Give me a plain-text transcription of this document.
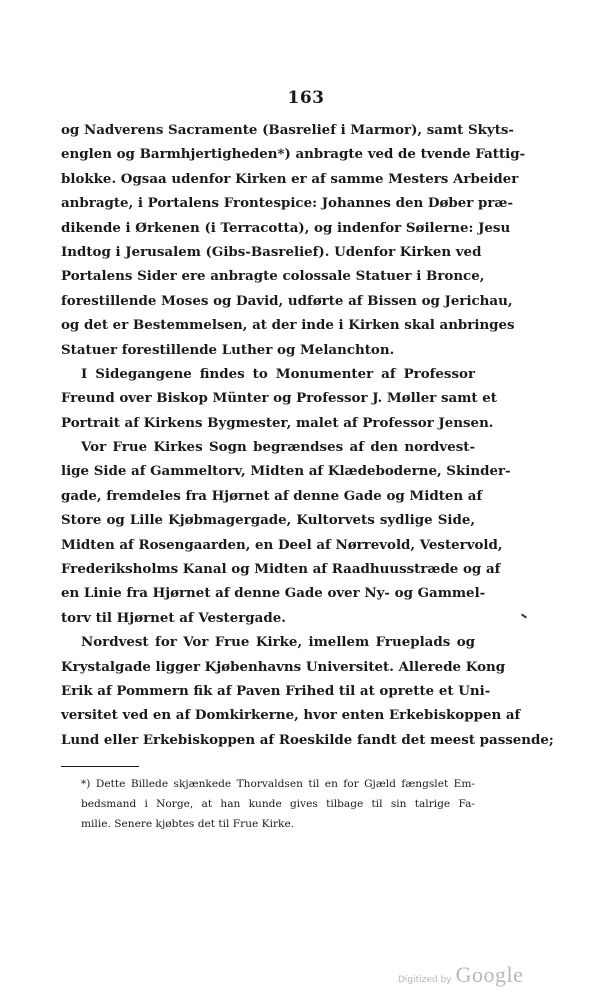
163
og Nadverens Sacramente (Basrelief i Marmor), samt Skyts-
englen og Barmhjertigheden*) anbragte ved de tvende Fattig-
blokke. Ogsaa udenfor Kirken er af samme Mesters Arbeider
anbragte, i Portalens Frontespice: Johannes den Døber præ-
dikende i Ørkenen (i Terracotta), og indenfor Søilerne: Jesu
Indtog i Jerusalem (Gibs-Basrelief). Udenfor Kirken ved
Portalens Sider ere anbragte colossale Statuer i Bronce,
forestillende Moses og David, udførte af Bissen og Jerichau,
og det er Bestemmelsen, at der inde i Kirken skal anbringes
Statuer forestillende Luther og Melanchton.
I Sidegangene findes to Monumenter af Professor
Freund over Biskop Münter og Professor J. Møller samt et
Portrait af Kirkens Bygmester, malet af Professor Jensen.
Vor Frue Kirkes Sogn begrændses af den nordvest-
lige Side af Gammeltorv, Midten af Klædeboderne, Skinder-
gade, fremdeles fra Hjørnet af denne Gade og Midten af
Store og Lille Kjøbmagergade, Kultorvets sydlige Side,
Midten af Rosengaarden, en Deel af Nørrevold, Vestervold,
Frederiksholms Kanal og Midten af Raadhuusstræde og af
en Linie fra Hjørnet af denne Gade over Ny- og Gammel-
torv til Hjørnet af Vestergade.
Nordvest for Vor Frue Kirke, imellem Frueplads og
Krystalgade ligger Kjøbenhavns Universitet. Allerede Kong
Erik af Pommern fik af Paven Frihed til at oprette et Uni-
versitet ved en af Domkirkerne, hvor enten Erkebiskoppen af
Lund eller Erkebiskoppen af Roeskilde fandt det meest passende;
*) Dette Billede skjænkede Thorvaldsen til en for Gjæld fængslet Em-
bedsmand i Norge, at han kunde gives tilbage til sin talrige Fa-
milie. Senere kjøbtes det til Frue Kirke.
Digitized by Google
